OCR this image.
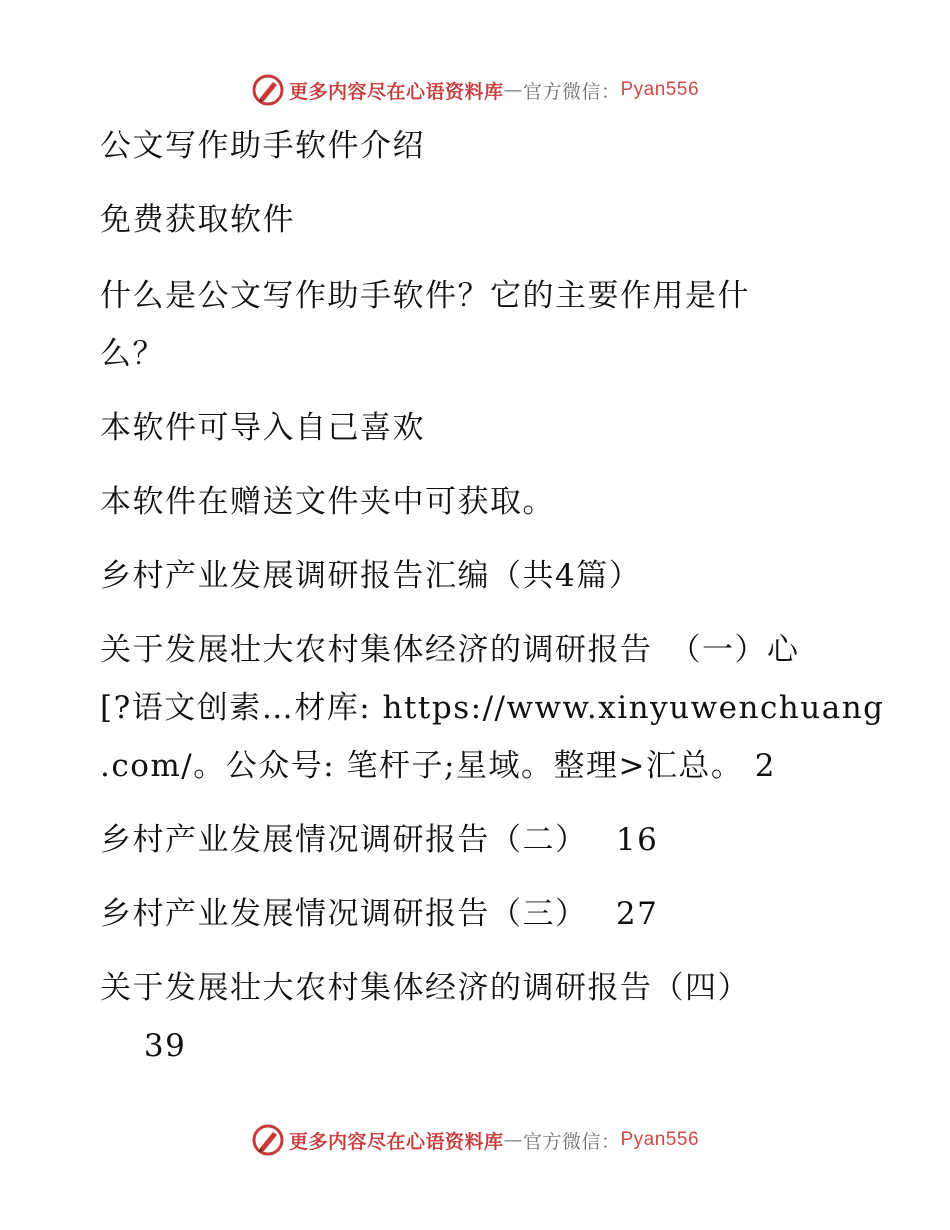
更多内容尽在心语资料库 — 官方微信： Pyan556
公文写作助手软件介绍
免费获取软件
什么是公文写作助手软件？它的主要作用是什
么？
本软件可导入自己喜欢
本软件在赠送文件夹中可获取。
乡村产业发展调研报告汇编（共4篇）
关于发展壮大农村集体经济的调研报告　（一）心
[?语文创素…材库: https://www.xinyuwenchuang
.com/。公众号: 笔杆子;星域。整理>汇总。 2
乡村产业发展情况调研报告（二）　 16
乡村产业发展情况调研报告（三）　 27
关于发展壮大农村集体经济的调研报告（四）
　 39
更多内容尽在心语资料库 — 官方微信： Pyan556
